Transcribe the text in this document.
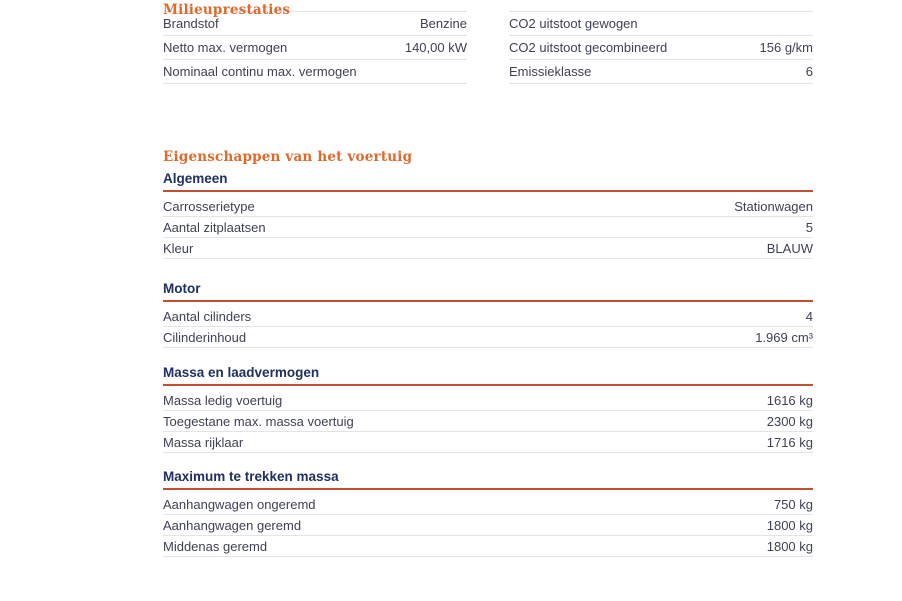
Milieuprestaties
Brandstof	Benzine
Netto max. vermogen	140,00 kW
Nominaal continu max. vermogen
CO2 uitstoot gewogen
CO2 uitstoot gecombineerd	156 g/km
Emissieklasse	6
Eigenschappen van het voertuig
Algemeen
Carrosserietype	Stationwagen
Aantal zitplaatsen	5
Kleur	BLAUW
Motor
Aantal cilinders	4
Cilinderinhoud	1.969 cm³
Massa en laadvermogen
Massa ledig voertuig	1616 kg
Toegestane max. massa voertuig	2300 kg
Massa rijklaar	1716 kg
Maximum te trekken massa
Aanhangwagen ongeremd	750 kg
Aanhangwagen geremd	1800 kg
Middenas geremd	1800 kg
